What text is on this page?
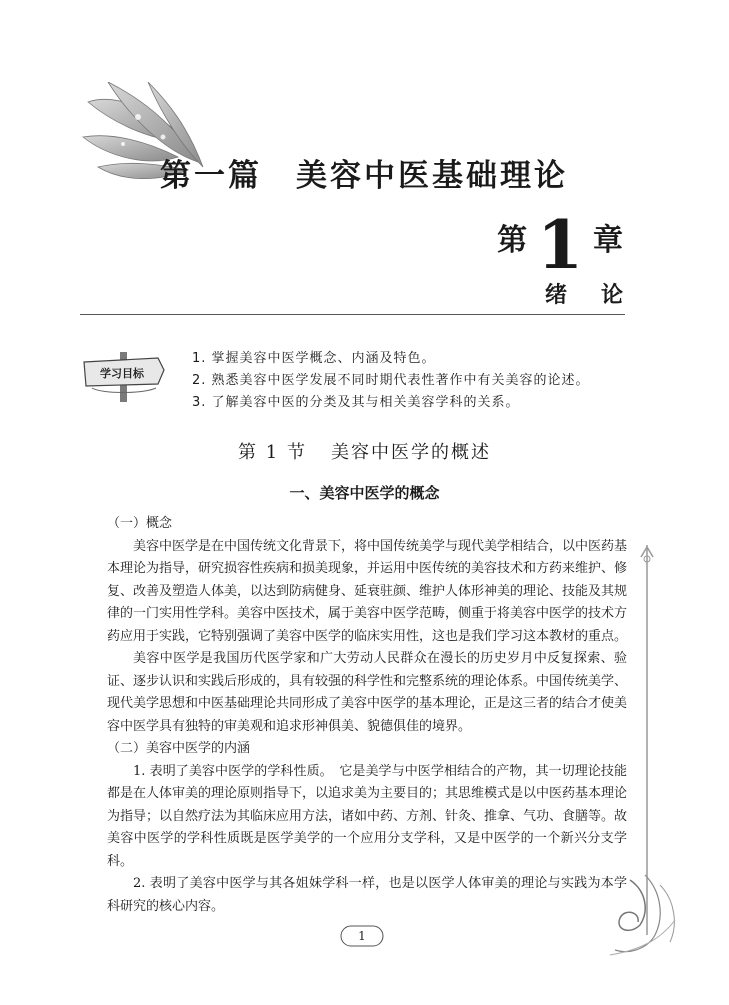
第一篇 美容中医基础理论
第 1 章
绪论
学习目标
1. 掌握美容中医学概念、内涵及特色。
2. 熟悉美容中医学发展不同时期代表性著作中有关美容的论述。
3. 了解美容中医的分类及其与相关美容学科的关系。
第 1 节 美容中医学的概述
一、美容中医学的概念

（一）概念

美容中医学是在中国传统文化背景下，将中国传统美学与现代美学相结合，以中医药基本理论为指导，研究损容性疾病和损美现象，并运用中医传统的美容技术和方药来维护、修复、改善及塑造人体美，以达到防病健身、延衰驻颜、维护人体形神美的理论、技能及其规律的一门实用性学科。美容中医技术，属于美容中医学范畴，侧重于将美容中医学的技术方药应用于实践，它特别强调了美容中医学的临床实用性，这也是我们学习这本教材的重点。

美容中医学是我国历代医学家和广大劳动人民群众在漫长的历史岁月中反复探索、验证、逐步认识和实践后形成的，具有较强的科学性和完整系统的理论体系。中国传统美学、现代美学思想和中医基础理论共同形成了美容中医学的基本理论，正是这三者的结合才使美容中医学具有独特的审美观和追求形神俱美、貌德俱佳的境界。

（二）美容中医学的内涵

1. 表明了美容中医学的学科性质。　它是美学与中医学相结合的产物，其一切理论技能都是在人体审美的理论原则指导下，以追求美为主要目的；其思维模式是以中医药基本理论为指导；以自然疗法为其临床应用方法，诸如中药、方剂、针灸、推拿、气功、食膳等。故美容中医学的学科性质既是医学美学的一个应用分支学科，又是中医学的一个新兴分支学科。

2. 表明了美容中医学与其各姐妹学科一样，也是以医学人体审美的理论与实践为本学科研究的核心内容。

1
